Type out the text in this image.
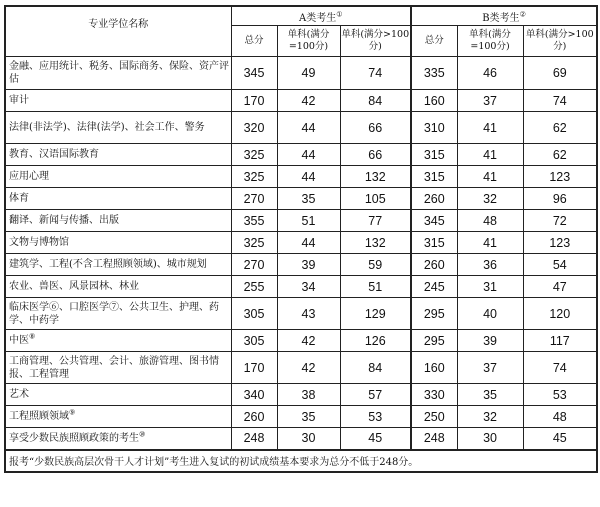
专业学位名称	A类考生①			B类考生②
	总分	单科(满分=100分)	单科(满分>100分)	总分	单科(满分=100分)	单科(满分>100分)
金融、应用统计、税务、国际商务、保险、资产评估	345	49	74	335	46	69
审计	170	42	84	160	37	74
法律(非法学)、法律(法学)、社会工作、警务	320	44	66	310	41	62
教育、汉语国际教育	325	44	66	315	41	62
应用心理	325	44	132	315	41	123
体育	270	35	105	260	32	96
翻译、新闻与传播、出版	355	51	77	345	48	72
文物与博物馆	325	44	132	315	41	123
建筑学、工程(不含工程照顾领域)、城市规划	270	39	59	260	36	54
农业、兽医、风景园林、林业	255	34	51	245	31	47
临床医学⑥、口腔医学⑦、公共卫生、护理、药学、中药学	305	43	129	295	40	120
中医⑧	305	42	126	295	39	117
工商管理、公共管理、会计、旅游管理、图书情报、工程管理	170	42	84	160	37	74
艺术	340	38	57	330	35	53
工程照顾领域⑨	260	35	53	250	32	48
享受少数民族照顾政策的考生⑩	248	30	45	248	30	45
报考“少数民族高层次骨干人才计划”考生进入复试的初试成绩基本要求为总分不低于248分。						
